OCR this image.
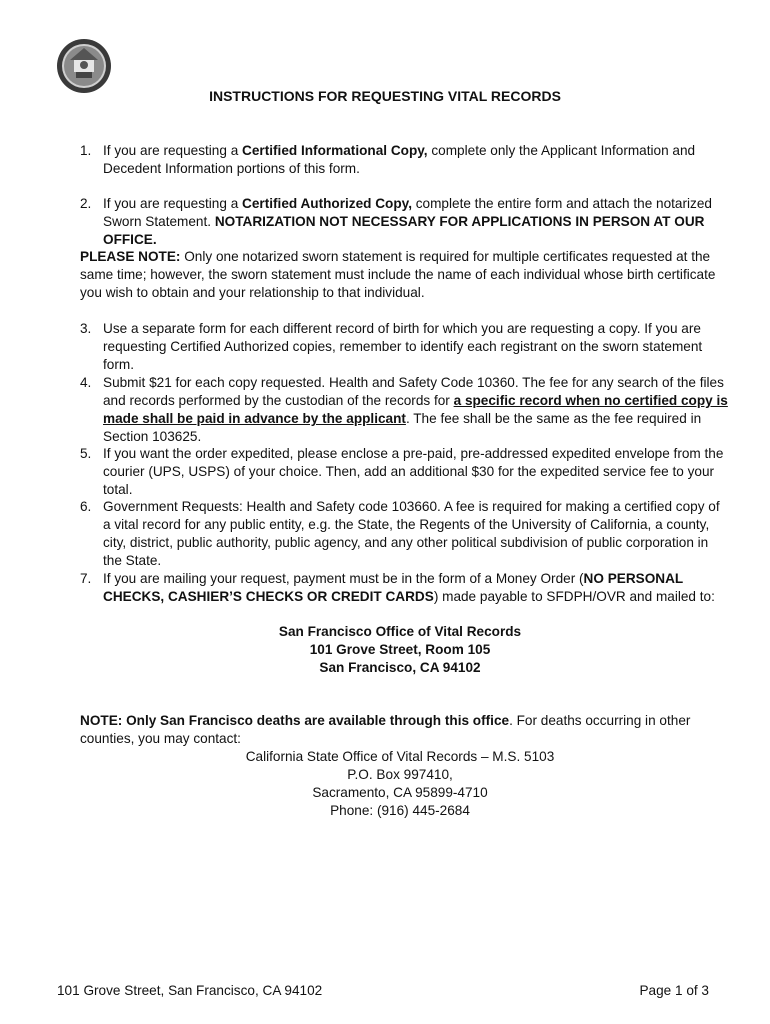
INSTRUCTIONS FOR REQUESTING VITAL RECORDS
1. If you are requesting a Certified Informational Copy, complete only the Applicant Information and Decedent Information portions of this form.
2. If you are requesting a Certified Authorized Copy, complete the entire form and attach the notarized Sworn Statement. NOTARIZATION NOT NECESSARY FOR APPLICATIONS IN PERSON AT OUR OFFICE.
PLEASE NOTE: Only one notarized sworn statement is required for multiple certificates requested at the same time; however, the sworn statement must include the name of each individual whose birth certificate you wish to obtain and your relationship to that individual.
3. Use a separate form for each different record of birth for which you are requesting a copy. If you are requesting Certified Authorized copies, remember to identify each registrant on the sworn statement form.
4. Submit $21 for each copy requested. Health and Safety Code 10360. The fee for any search of the files and records performed by the custodian of the records for a specific record when no certified copy is made shall be paid in advance by the applicant. The fee shall be the same as the fee required in Section 103625.
5. If you want the order expedited, please enclose a pre-paid, pre-addressed expedited envelope from the courier (UPS, USPS) of your choice. Then, add an additional $30 for the expedited service fee to your total.
6. Government Requests: Health and Safety code 103660. A fee is required for making a certified copy of a vital record for any public entity, e.g. the State, the Regents of the University of California, a county, city, district, public authority, public agency, and any other political subdivision of public corporation in the State.
7. If you are mailing your request, payment must be in the form of a Money Order (NO PERSONAL CHECKS, CASHIER’S CHECKS OR CREDIT CARDS) made payable to SFDPH/OVR and mailed to:
San Francisco Office of Vital Records
101 Grove Street, Room 105
San Francisco, CA 94102
NOTE: Only San Francisco deaths are available through this office. For deaths occurring in other counties, you may contact:
California State Office of Vital Records – M.S. 5103
P.O. Box 997410,
Sacramento, CA 95899-4710
Phone: (916) 445-2684
101 Grove Street, San Francisco, CA 94102	Page 1 of 3
